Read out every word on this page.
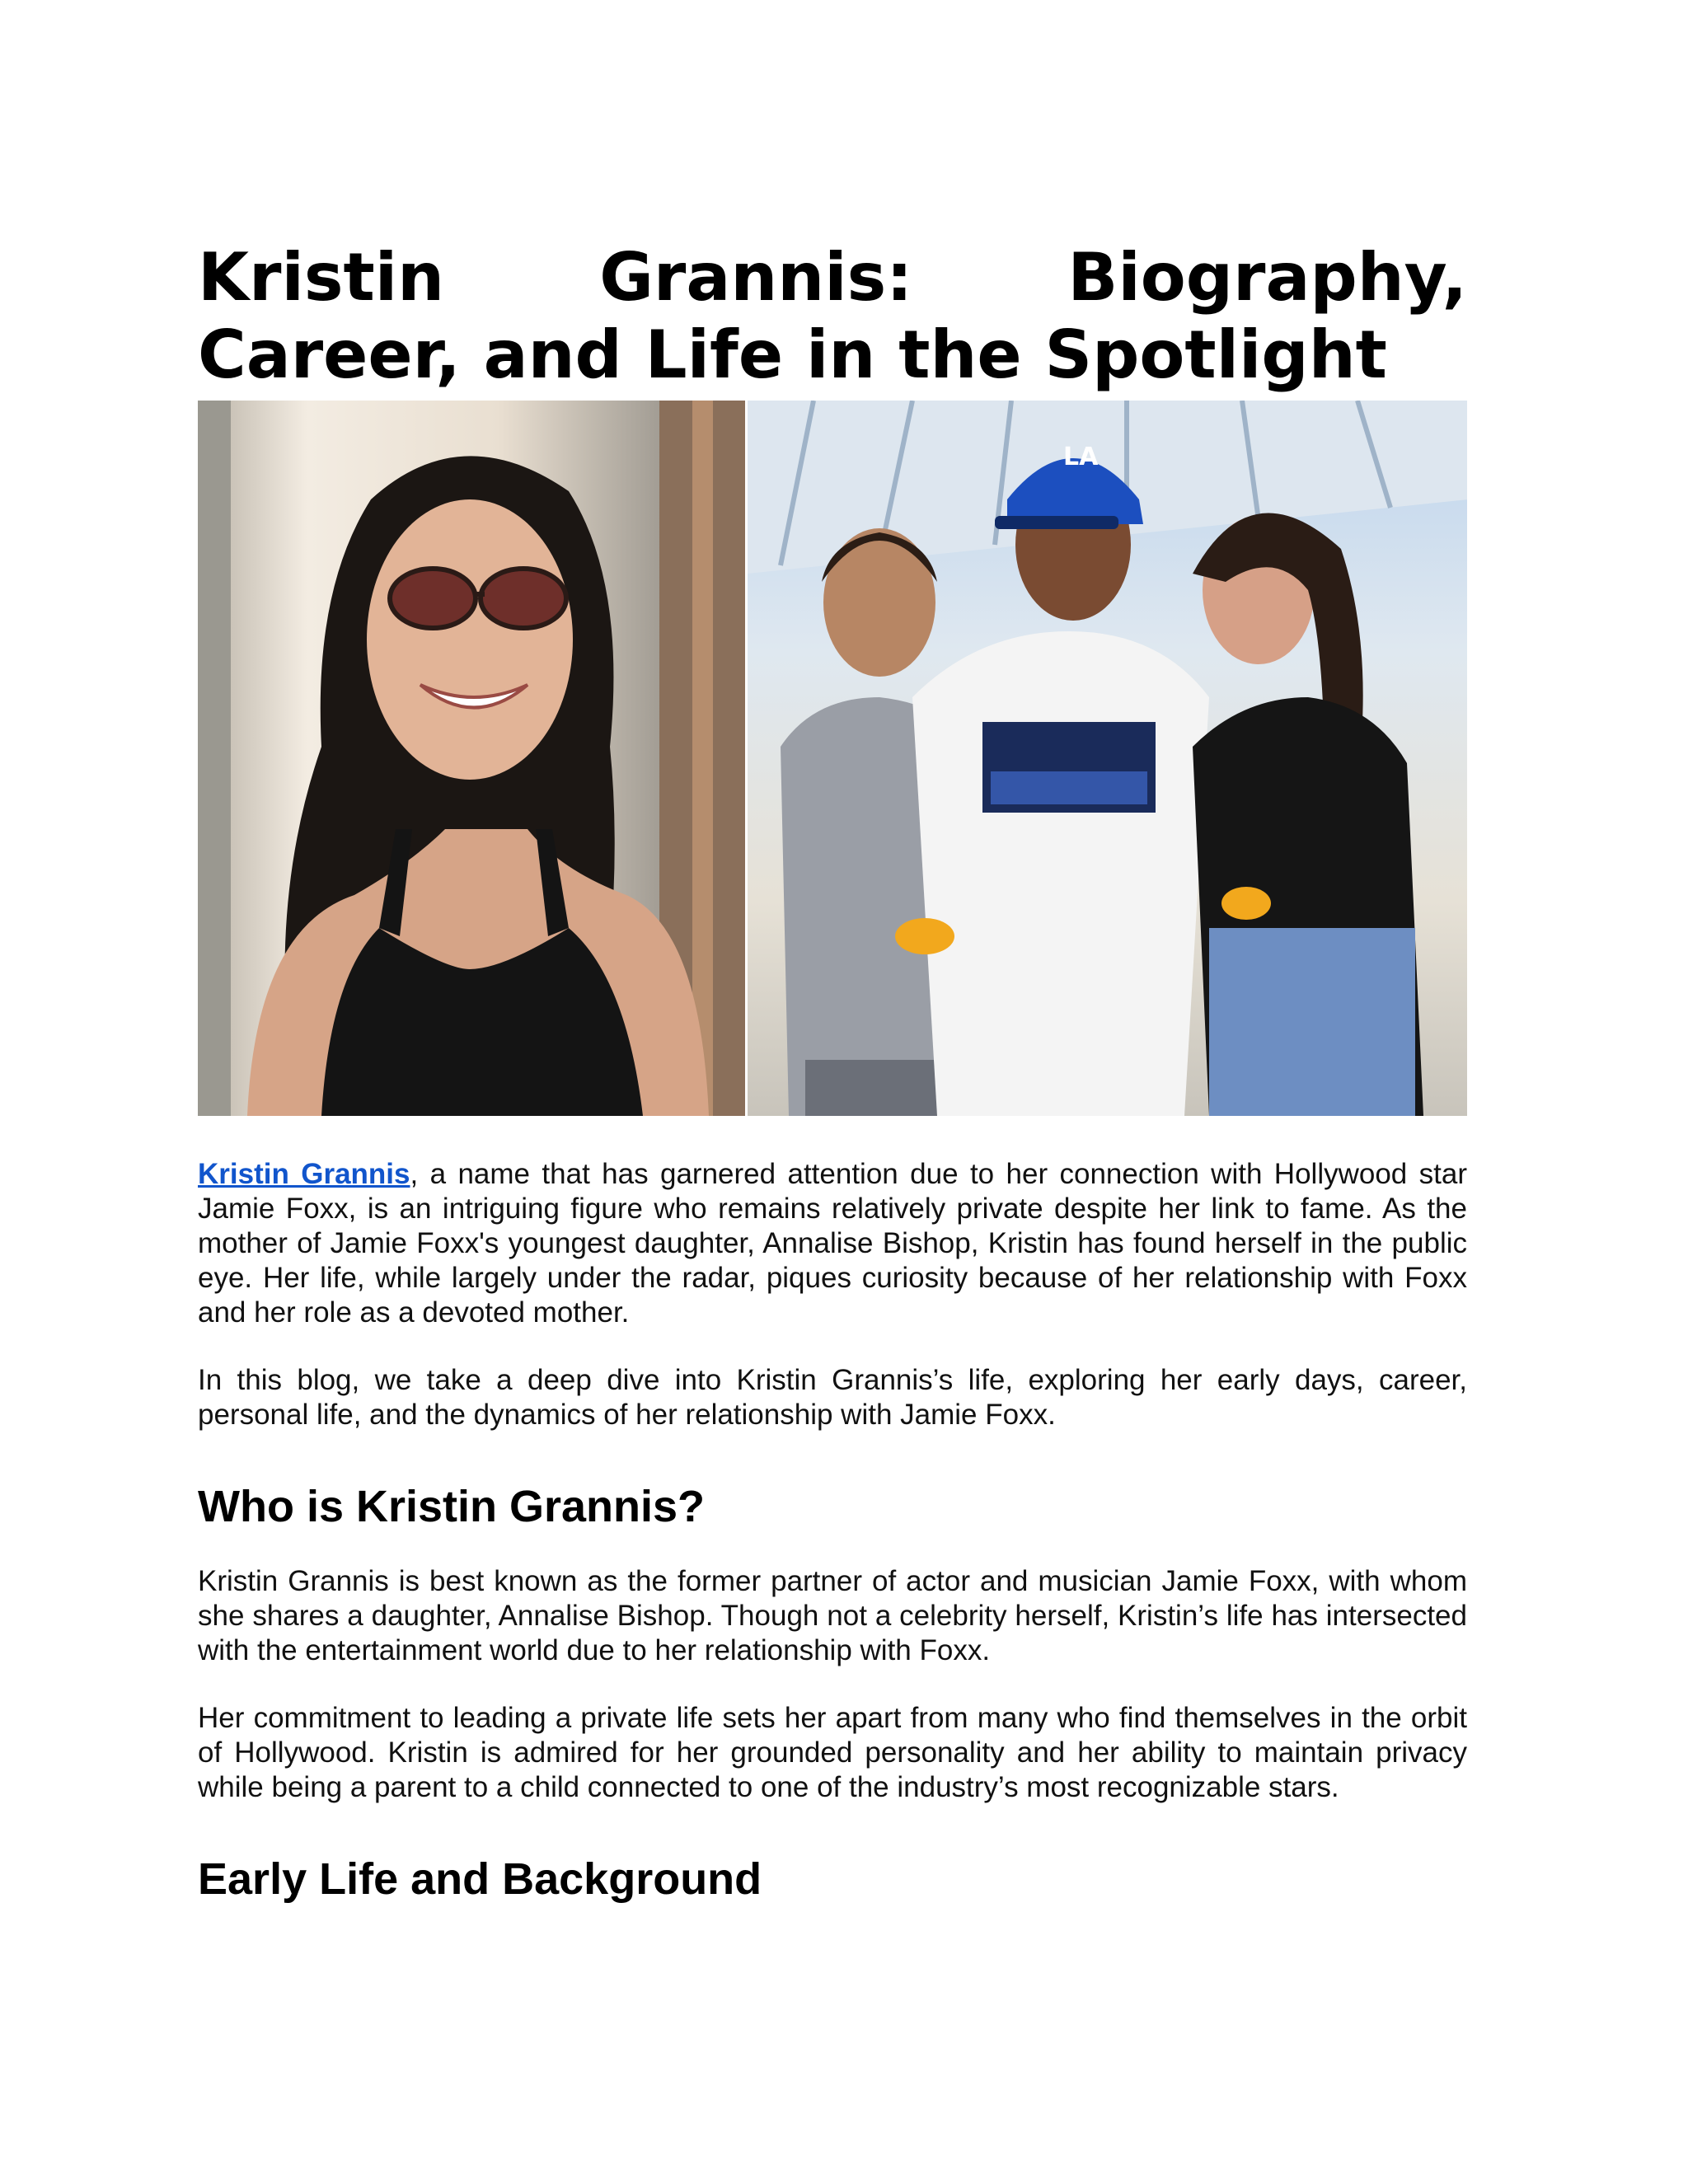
Kristin Grannis: Biography, Career, and Life in the Spotlight
LA

Kristin Grannis, a name that has garnered attention due to her connection with Hollywood star Jamie Foxx, is an intriguing figure who remains relatively private despite her link to fame. As the mother of Jamie Foxx's youngest daughter, Annalise Bishop, Kristin has found herself in the public eye. Her life, while largely under the radar, piques curiosity because of her relationship with Foxx and her role as a devoted mother.

In this blog, we take a deep dive into Kristin Grannis’s life, exploring her early days, career, personal life, and the dynamics of her relationship with Jamie Foxx.

Who is Kristin Grannis?

Kristin Grannis is best known as the former partner of actor and musician Jamie Foxx, with whom she shares a daughter, Annalise Bishop. Though not a celebrity herself, Kristin’s life has intersected with the entertainment world due to her relationship with Foxx.

Her commitment to leading a private life sets her apart from many who find themselves in the orbit of Hollywood. Kristin is admired for her grounded personality and her ability to maintain privacy while being a parent to a child connected to one of the industry’s most recognizable stars.

Early Life and Background
